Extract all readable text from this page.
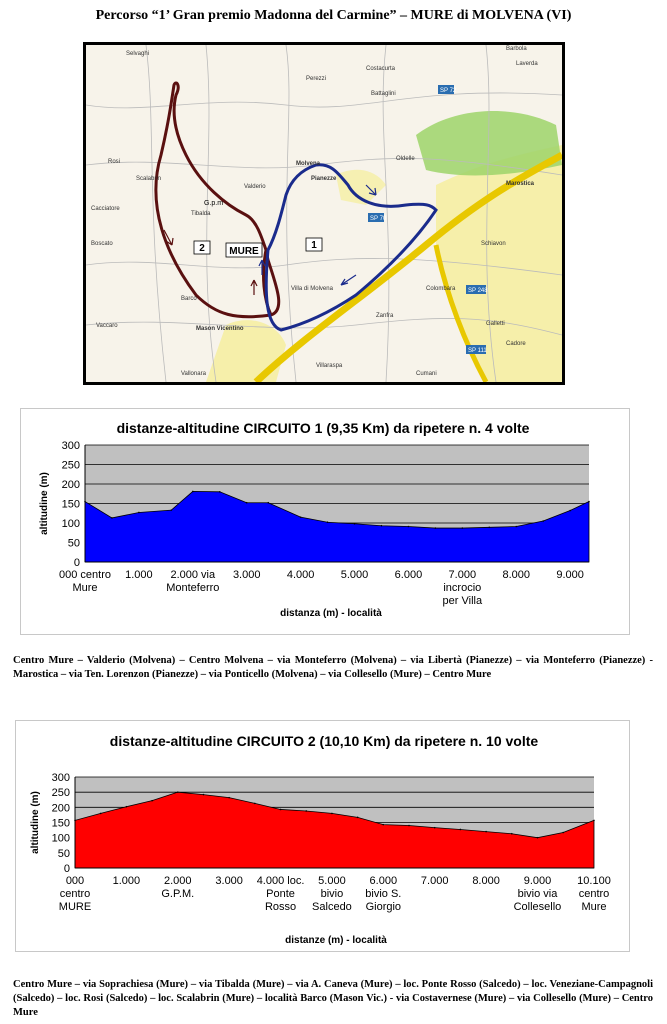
Percorso “1’ Gran premio Madonna del Carmine” – MURE di MOLVENA (VI)
2	1
MURE
G.p.m
Selvaghi
Molvena
Pianezze
Marostica
Mason Vicentino
Colombara
Valderio
Villa di Molvena
Vallonara
Laverda
Barbola
Costacurta
Zanfra
Galletti
Cadore
Schiavon
Tibalda
Perezzi
Barco
Vaccaro
Cacciatore
Battaglini
Oldelle
Scalabrin
Rosi
Boscato
Villaraspa
Cumani
SP 72
SP 70
SP 248
SP 111
distanze-altitudine CIRCUITO 1 (9,35 Km) da ripetere n. 4 volte
0
50
100
150
200
250
300
000 centro Mure
1.000	2.000 via Monteferro
3.000 4.000 5.000 6.000	7.000 incrocio per Villa
8.000 9.000
distanza (m) - località
altitudine (m)
Centro Mure – Valderio (Molvena) – Centro Molvena – via Monteferro (Molvena) – via Libertà (Pianezze) – via Monteferro (Pianezze) - Marostica – via Ten. Lorenzon (Pianezze) – via Ponticello (Molvena) – via Collesello (Mure) – Centro Mure
distanze-altitudine CIRCUITO 2 (10,10 Km) da ripetere n. 10 volte
0
50
100
150
200
250
300
000 centro MURE
1.000 2.000 G.P.M.
3.000 4.000 loc. Ponte Rosso
5.000 bivio Salcedo
6.000 bivio S. Giorgio
7.000 8.000	9.000 bivio via Collesello
10.100 centro Mure
distanze (m) - località
altitudine (m)
Centro Mure – via Soprachiesa (Mure) – via Tibalda (Mure) – via A. Caneva (Mure) – loc. Ponte Rosso (Salcedo) – loc. Veneziane-Campagnoli (Salcedo) – loc. Rosi (Salcedo) – loc. Scalabrin (Mure) – località Barco (Mason Vic.) - via Costavernese (Mure) – via Collesello (Mure) – Centro Mure
